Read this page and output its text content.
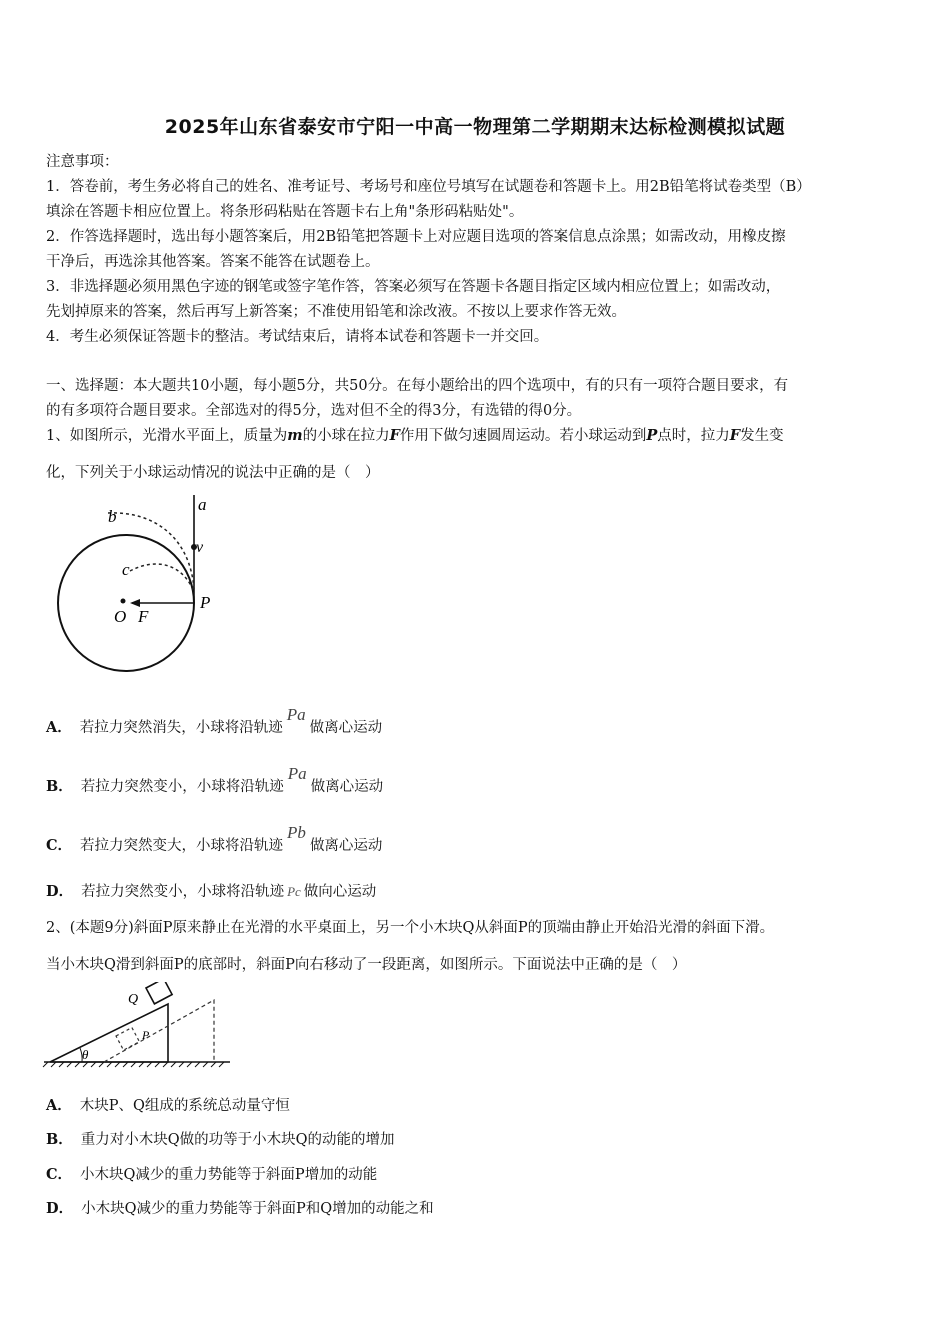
2025年山东省泰安市宁阳一中高一物理第二学期期末达标检测模拟试题
注意事项：
1．答卷前，考生务必将自己的姓名、准考证号、考场号和座位号填写在试题卷和答题卡上。用2B铅笔将试卷类型（B）
填涂在答题卡相应位置上。将条形码粘贴在答题卡右上角"条形码粘贴处"。
2．作答选择题时，选出每小题答案后，用2B铅笔把答题卡上对应题目选项的答案信息点涂黑；如需改动，用橡皮擦
干净后，再选涂其他答案。答案不能答在试题卷上。
3．非选择题必须用黑色字迹的钢笔或签字笔作答，答案必须写在答题卡各题目指定区域内相应位置上；如需改动，
先划掉原来的答案，然后再写上新答案；不准使用铅笔和涂改液。不按以上要求作答无效。
4．考生必须保证答题卡的整洁。考试结束后，请将本试卷和答题卡一并交回。
一、选择题：本大题共10小题，每小题5分，共50分。在每小题给出的四个选项中，有的只有一项符合题目要求，有
的有多项符合题目要求。全部选对的得5分，选对但不全的得3分，有选错的得0分。
1、如图所示，光滑水平面上，质量为m的小球在拉力F作用下做匀速圆周运动。若小球运动到P点时，拉力F发生变
化，下列关于小球运动情况的说法中正确的是（　）
a
b
c
v
P
O F
A． 若拉力突然消失，小球将沿轨迹Pa做离心运动
B． 若拉力突然变小，小球将沿轨迹Pa做离心运动
C． 若拉力突然变大，小球将沿轨迹Pb做离心运动
D． 若拉力突然变小，小球将沿轨迹 Pc 做向心运动
2、(本题9分)斜面P原来静止在光滑的水平桌面上，另一个小木块Q从斜面P的顶端由静止开始沿光滑的斜面下滑。
当小木块Q滑到斜面P的底部时，斜面P向右移动了一段距离，如图所示。下面说法中正确的是（　）
Q
P
θ
A． 木块P、Q组成的系统总动量守恒
B． 重力对小木块Q做的功等于小木块Q的动能的增加
C． 小木块Q减少的重力势能等于斜面P增加的动能
D． 小木块Q减少的重力势能等于斜面P和Q增加的动能之和
